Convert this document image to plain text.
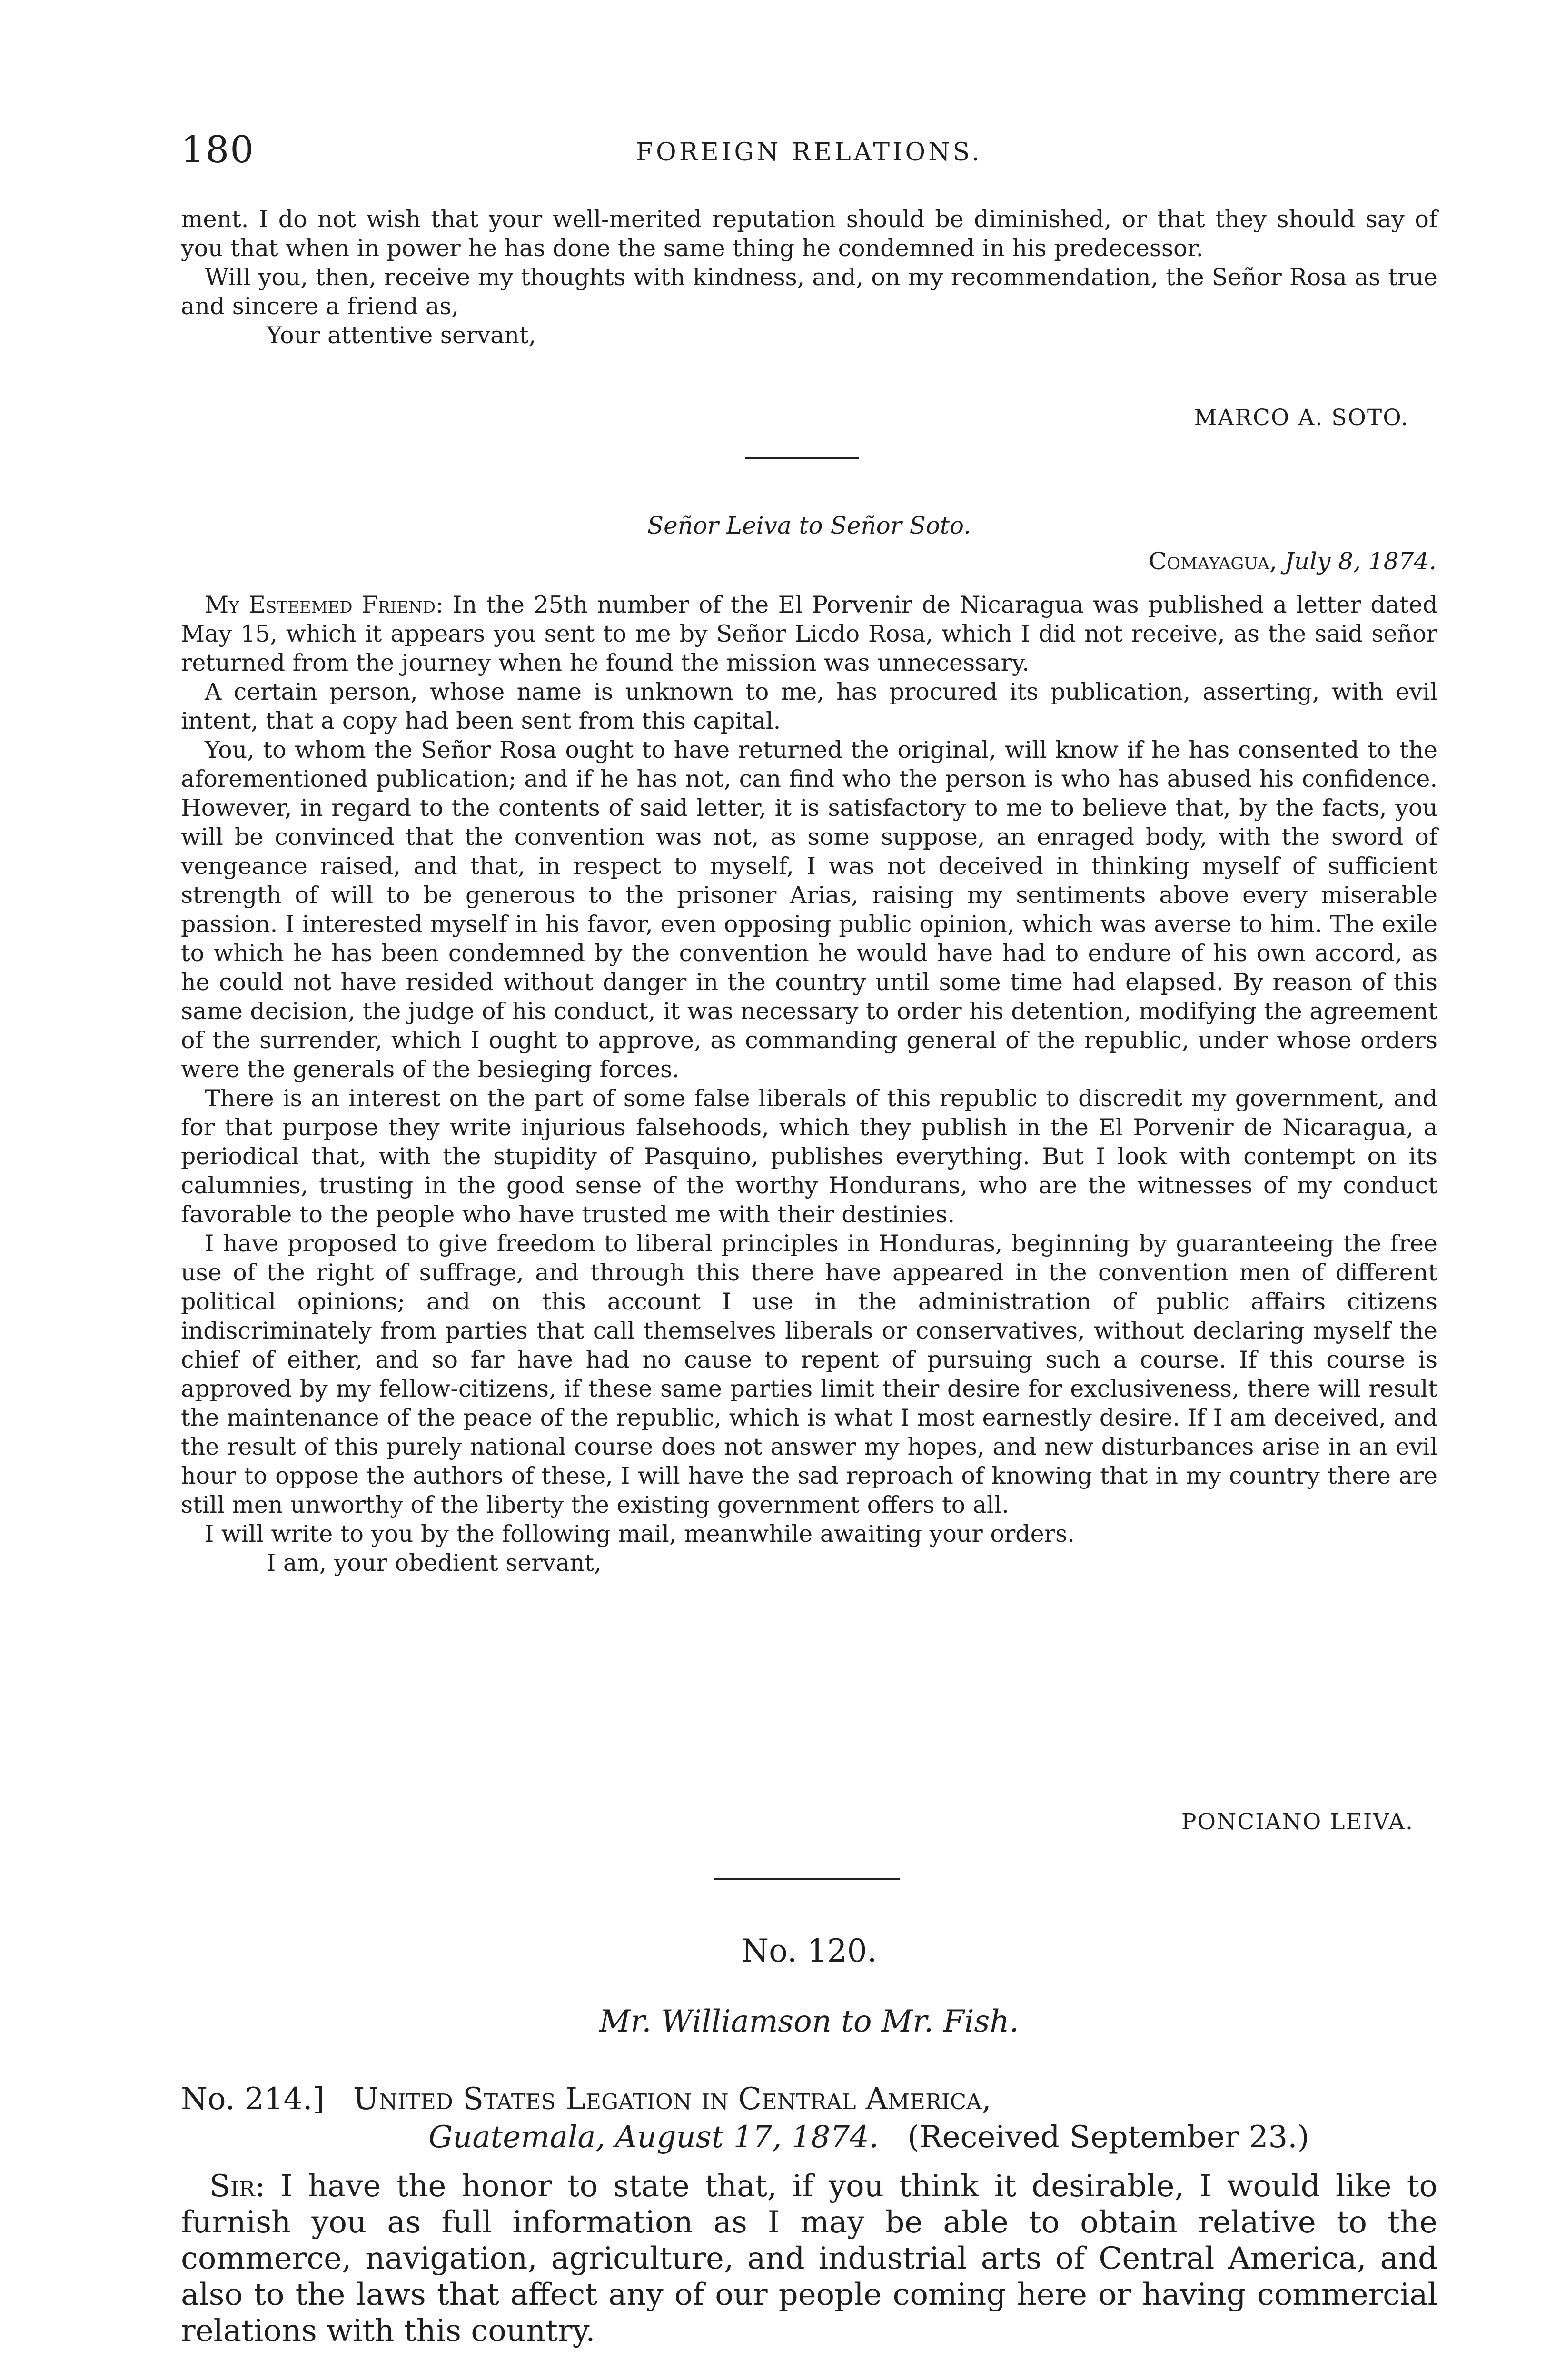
180	FOREIGN RELATIONS.

ment. I do not wish that your well-merited reputation should be diminished, or that they should say of you that when in power he has done the same thing he condemned in his predecessor.

Will you, then, receive my thoughts with kindness, and, on my recommendation, the Señor Rosa as true and sincere a friend as,

Your attentive servant,

MARCO A. SOTO.
Señor Leiva to Señor Soto.
Comayagua, July 8, 1874.

My Esteemed Friend: In the 25th number of the El Porvenir de Nicaragua was published a letter dated May 15, which it appears you sent to me by Señor Licdo Rosa, which I did not receive, as the said señor returned from the journey when he found the mission was unnecessary.

A certain person, whose name is unknown to me, has procured its publication, asserting, with evil intent, that a copy had been sent from this capital.

You, to whom the Señor Rosa ought to have returned the original, will know if he has consented to the aforementioned publication; and if he has not, can find who the person is who has abused his confidence. However, in regard to the contents of said letter, it is satisfactory to me to believe that, by the facts, you will be convinced that the convention was not, as some suppose, an enraged body, with the sword of vengeance raised, and that, in respect to myself, I was not deceived in thinking myself of sufficient strength of will to be generous to the prisoner Arias, raising my sentiments above every miserable passion. I interested myself in his favor, even opposing public opinion, which was averse to him. The exile to which he has been condemned by the convention he would have had to endure of his own accord, as he could not have resided without danger in the country until some time had elapsed. By reason of this same decision, the judge of his conduct, it was necessary to order his detention, modifying the agreement of the surrender, which I ought to approve, as commanding general of the republic, under whose orders were the generals of the besieging forces.

There is an interest on the part of some false liberals of this republic to discredit my government, and for that purpose they write injurious falsehoods, which they publish in the El Porvenir de Nicaragua, a periodical that, with the stupidity of Pasquino, publishes everything. But I look with contempt on its calumnies, trusting in the good sense of the worthy Hondurans, who are the witnesses of my conduct favorable to the people who have trusted me with their destinies.

I have proposed to give freedom to liberal principles in Honduras, beginning by guaranteeing the free use of the right of suffrage, and through this there have appeared in the convention men of different political opinions; and on this account I use in the administration of public affairs citizens indiscriminately from parties that call themselves liberals or conservatives, without declaring myself the chief of either, and so far have had no cause to repent of pursuing such a course. If this course is approved by my fellow-citizens, if these same parties limit their desire for exclusiveness, there will result the maintenance of the peace of the republic, which is what I most earnestly desire. If I am deceived, and the result of this purely national course does not answer my hopes, and new disturbances arise in an evil hour to oppose the authors of these, I will have the sad reproach of knowing that in my country there are still men unworthy of the liberty the existing government offers to all.

I will write to you by the following mail, meanwhile awaiting your orders.

I am, your obedient servant,

PONCIANO LEIVA.
No. 120.
Mr. Williamson to Mr. Fish.
No. 214.] United States Legation in Central America,
Guatemala, August 17, 1874. (Received September 23.)

Sir: I have the honor to state that, if you think it desirable, I would like to furnish you as full information as I may be able to obtain relative to the commerce, navigation, agriculture, and industrial arts of Central America, and also to the laws that affect any of our people coming here or having commercial relations with this country.
